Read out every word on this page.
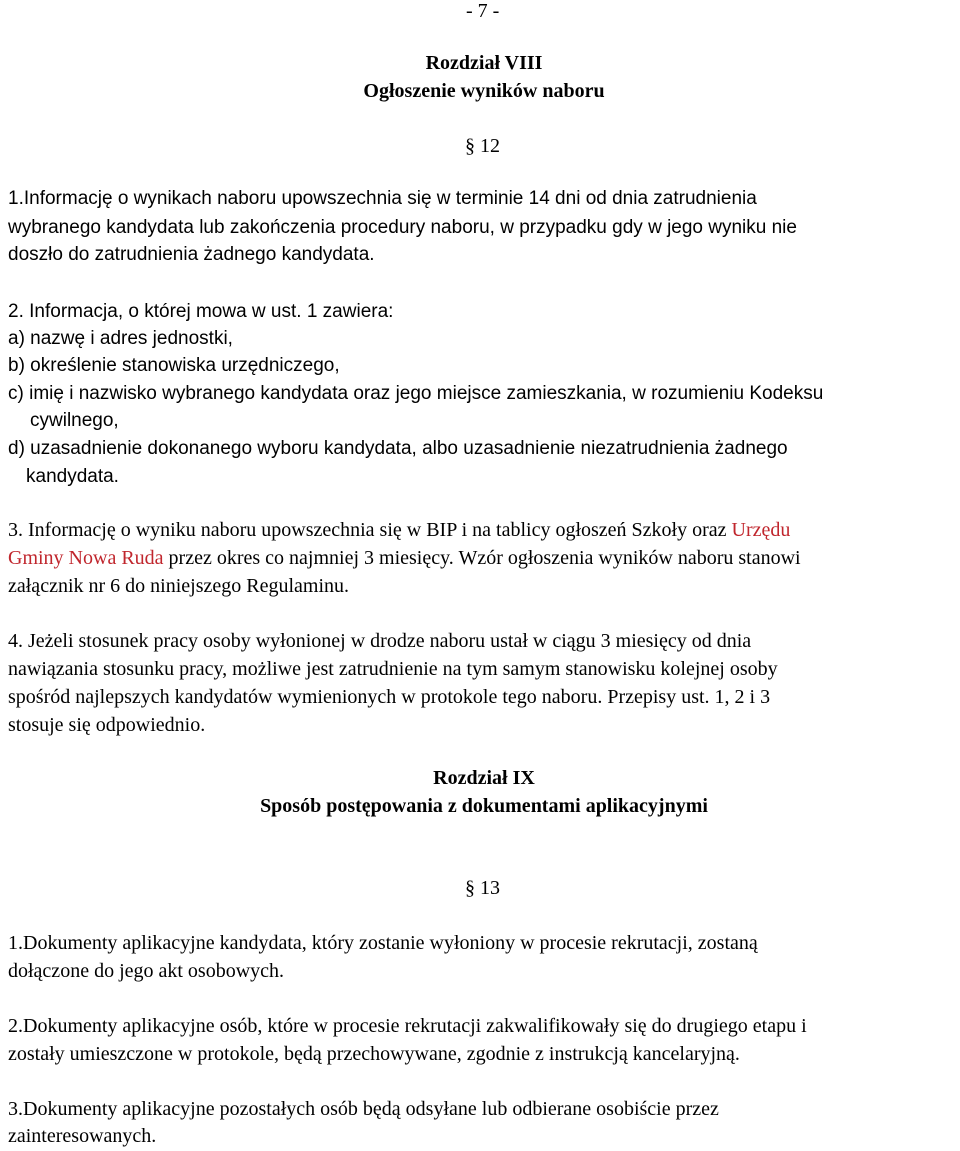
- 7 -
Rozdział VIII
Ogłoszenie wyników naboru
§ 12
1.Informację o wynikach naboru upowszechnia się w terminie 14 dni od dnia zatrudnienia
wybranego kandydata lub zakończenia procedury naboru, w przypadku gdy w jego wyniku nie
doszło do zatrudnienia żadnego kandydata.
2. Informacja, o której mowa w ust. 1 zawiera:
a) nazwę i adres jednostki,
b) określenie stanowiska urzędniczego,
c) imię i nazwisko wybranego kandydata oraz jego miejsce zamieszkania, w rozumieniu Kodeksu
cywilnego,
d) uzasadnienie dokonanego wyboru kandydata, albo uzasadnienie niezatrudnienia żadnego
kandydata.
3. Informację o wyniku naboru upowszechnia się w BIP i na tablicy ogłoszeń Szkoły oraz Urzędu
Gminy Nowa Ruda przez okres co najmniej 3 miesięcy. Wzór ogłoszenia wyników naboru stanowi
załącznik nr 6 do niniejszego Regulaminu.
4. Jeżeli stosunek pracy osoby wyłonionej w drodze naboru ustał w ciągu 3 miesięcy od dnia
nawiązania stosunku pracy, możliwe jest zatrudnienie na tym samym stanowisku kolejnej osoby
spośród najlepszych kandydatów wymienionych w protokole tego naboru. Przepisy ust. 1, 2 i 3
stosuje się odpowiednio.
Rozdział IX
Sposób postępowania z dokumentami aplikacyjnymi
§ 13
1.Dokumenty aplikacyjne kandydata, który zostanie wyłoniony w procesie rekrutacji, zostaną
dołączone do jego akt osobowych.
2.Dokumenty aplikacyjne osób, które w procesie rekrutacji zakwalifikowały się do drugiego etapu i
zostały umieszczone w protokole, będą przechowywane, zgodnie z instrukcją kancelaryjną.
3.Dokumenty aplikacyjne pozostałych osób będą odsyłane lub odbierane osobiście przez
zainteresowanych.
